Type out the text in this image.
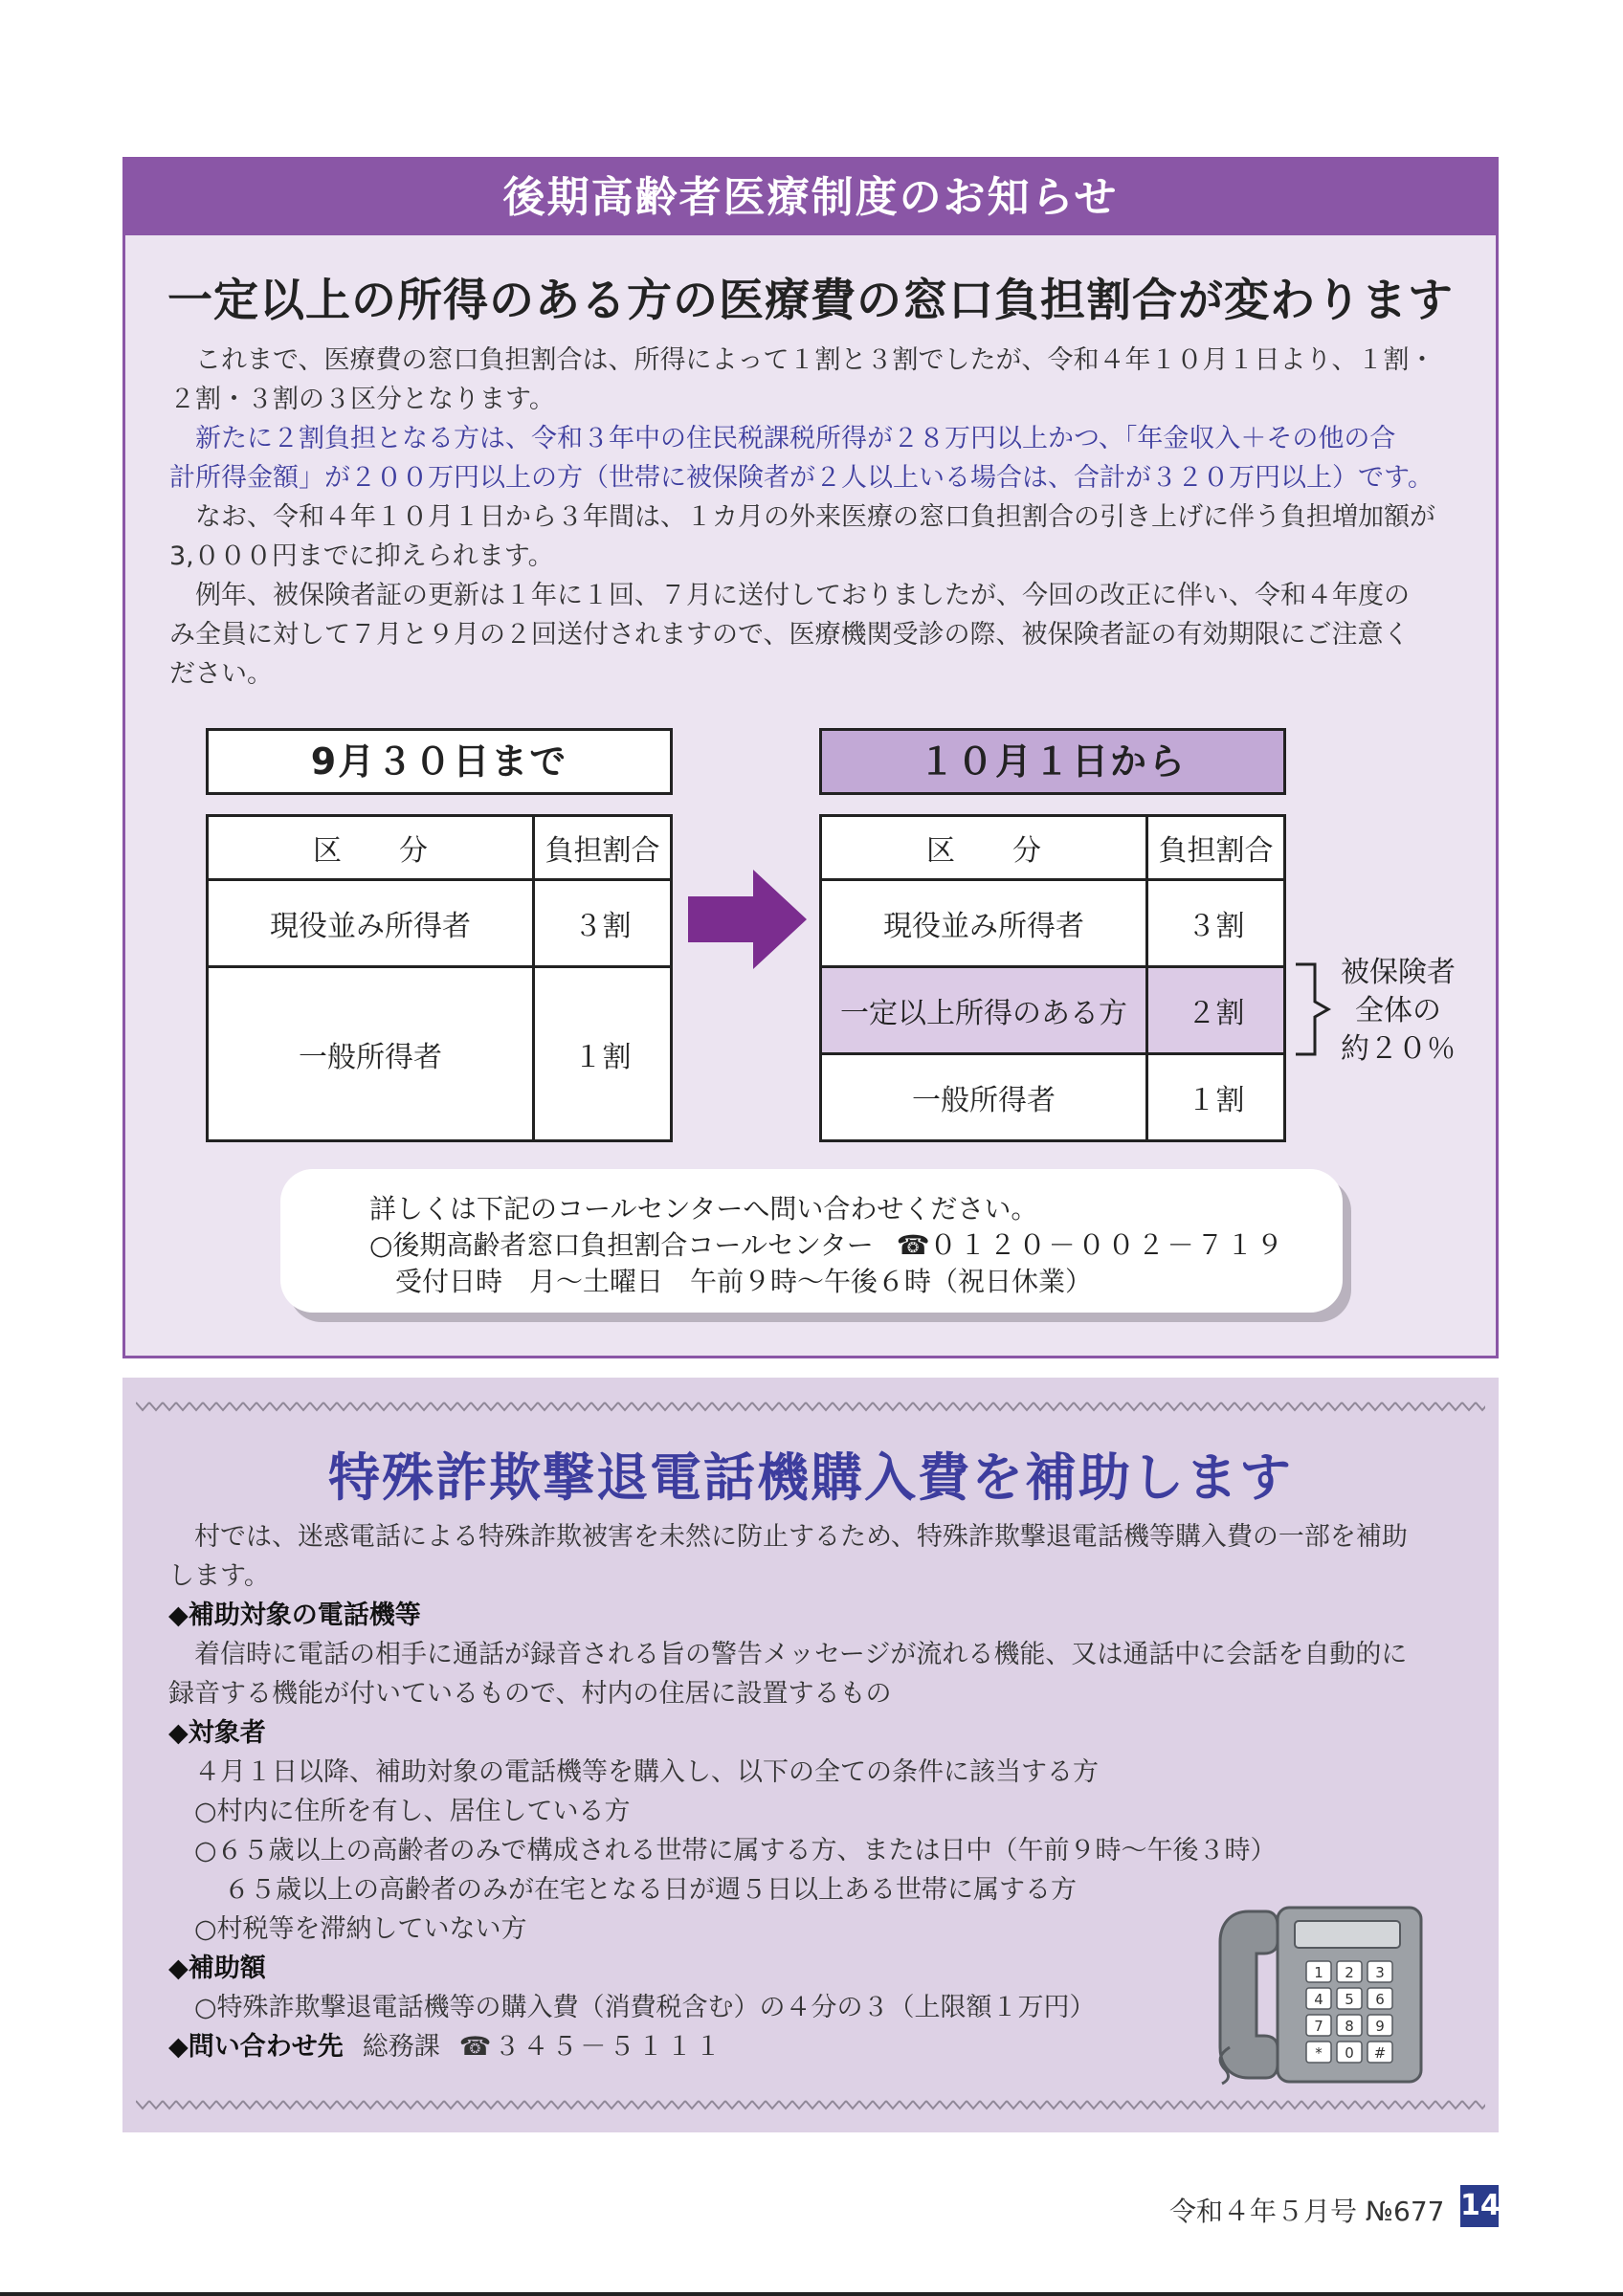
後期高齢者医療制度のお知らせ
一定以上の所得のある方の医療費の窓口負担割合が変わります

これまで、医療費の窓口負担割合は、所得によって１割と３割でしたが、令和４年１０月１日より、１割・
２割・３割の３区分となります。

新たに２割負担となる方は、令和３年中の住民税課税所得が２８万円以上かつ、「年金収入＋その他の合
計所得金額」が２００万円以上の方（世帯に被保険者が２人以上いる場合は、合計が３２０万円以上）です。

なお、令和４年１０月１日から３年間は、１カ月の外来医療の窓口負担割合の引き上げに伴う負担増加額が
3,０００円までに抑えられます。

例年、被保険者証の更新は１年に１回、７月に送付しておりましたが、今回の改正に伴い、令和４年度の
み全員に対して７月と９月の２回送付されますので、医療機関受診の際、被保険者証の有効期限にご注意く
ださい。

9月３０日まで
区　　分	負担割合
現役並み所得者	３割
一般所得者	１割
１０月１日から
区　　分	負担割合
現役並み所得者	３割
一定以上所得のある方	２割
一般所得者	１割
被保険者
全体の
約２０％
詳しくは下記のコールセンターへ問い合わせください。
○後期高齢者窓口負担割合コールセンター ☎０１２０－００２－７１９
受付日時　月～土曜日　午前９時～午後６時（祝日休業）
特殊詐欺撃退電話機購入費を補助します
村では、迷惑電話による特殊詐欺被害を未然に防止するため、特殊詐欺撃退電話機等購入費の一部を補助
します。
◆補助対象の電話機等
着信時に電話の相手に通話が録音される旨の警告メッセージが流れる機能、又は通話中に会話を自動的に
録音する機能が付いているもので、村内の住居に設置するもの
◆対象者
４月１日以降、補助対象の電話機等を購入し、以下の全ての条件に該当する方
○村内に住所を有し、居住している方
○６５歳以上の高齢者のみで構成される世帯に属する方、または日中（午前９時～午後３時）
６５歳以上の高齢者のみが在宅となる日が週５日以上ある世帯に属する方
○村税等を滞納していない方
◆補助額
○特殊詐欺撃退電話機等の購入費（消費税含む）の４分の３（上限額１万円）
◆問い合わせ先 総務課 ☎３４５－５１１１
1 2 3
4 5 6
7 8 9
* 0 #
令和４年５月号 №677 14
